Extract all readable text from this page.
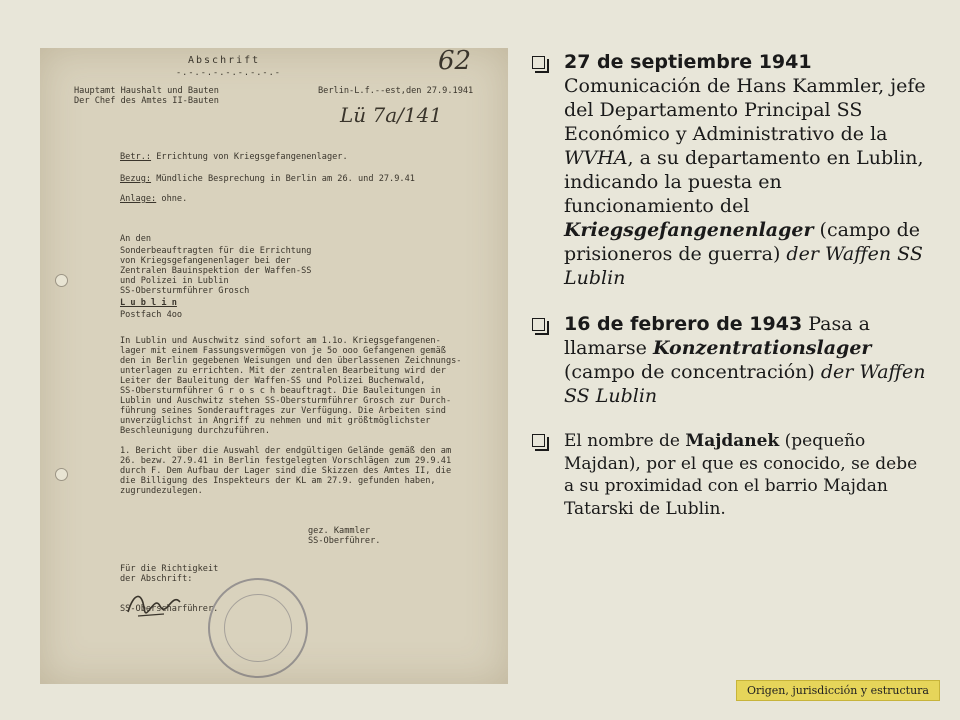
Abschrift
-.-.-.-.-.-.-.-.-	62
Hauptamt Haushalt und Bauten
Der Chef des Amtes II-Bauten
Berlin-L.f.--est,den 27.9.1941
Lü 7a/141
Betr.: Errichtung von Kriegsgefangenenlager.
Bezug: Mündliche Besprechung in Berlin am 26. und 27.9.41
Anlage: ohne.
An den
Sonderbeauftragten für die Errichtung
von Kriegsgefangenenlager bei der
Zentralen Bauinspektion der Waffen-SS
und Polizei in Lublin
SS-Obersturmführer Grosch
L u b l i n
Postfach 4oo
In Lublin und Auschwitz sind sofort am 1.1o. Kriegsgefangenen-
lager mit einem Fassungsvermögen von je 5o ooo Gefangenen gemäß
den in Berlin gegebenen Weisungen und den überlassenen Zeichnungs-
unterlagen zu errichten. Mit der zentralen Bearbeitung wird der
Leiter der Bauleitung der Waffen-SS und Polizei Buchenwald,
SS-Obersturmführer G r o s c h beauftragt. Die Bauleitungen in
Lublin und Auschwitz stehen SS-Obersturmführer Grosch zur Durch-
führung seines Sonderauftrages zur Verfügung. Die Arbeiten sind
unverzüglichst in Angriff zu nehmen und mit größtmöglichster
Beschleunigung durchzuführen.
1. Bericht über die Auswahl der endgültigen Gelände gemäß den am
26. bezw. 27.9.41 in Berlin festgelegten Vorschlägen zum 29.9.41
durch F. Dem Aufbau der Lager sind die Skizzen des Amtes II, die
die Billigung des Inspekteurs der KL am 27.9. gefunden haben,
zugrundezulegen.
gez. Kammler
SS-Oberführer.
Für die Richtigkeit
der Abschrift:
SS-Oberscharführer.
27 de septiembre 1941 Comunicación de Hans Kammler, jefe del Departamento Principal SS Económico y Administrativo de la WVHA, a su departamento en Lublin, indicando la puesta en funcionamiento del Kriegsgefangenenlager (campo de prisioneros de guerra) der Waffen SS Lublin
16 de febrero de 1943 Pasa a llamarse Konzentrationslager (campo de concentración) der Waffen SS Lublin
El nombre de Majdanek (pequeño Majdan), por el que es conocido, se debe a su proximidad con el barrio Majdan Tatarski de Lublin.
Origen, jurisdicción y estructura
